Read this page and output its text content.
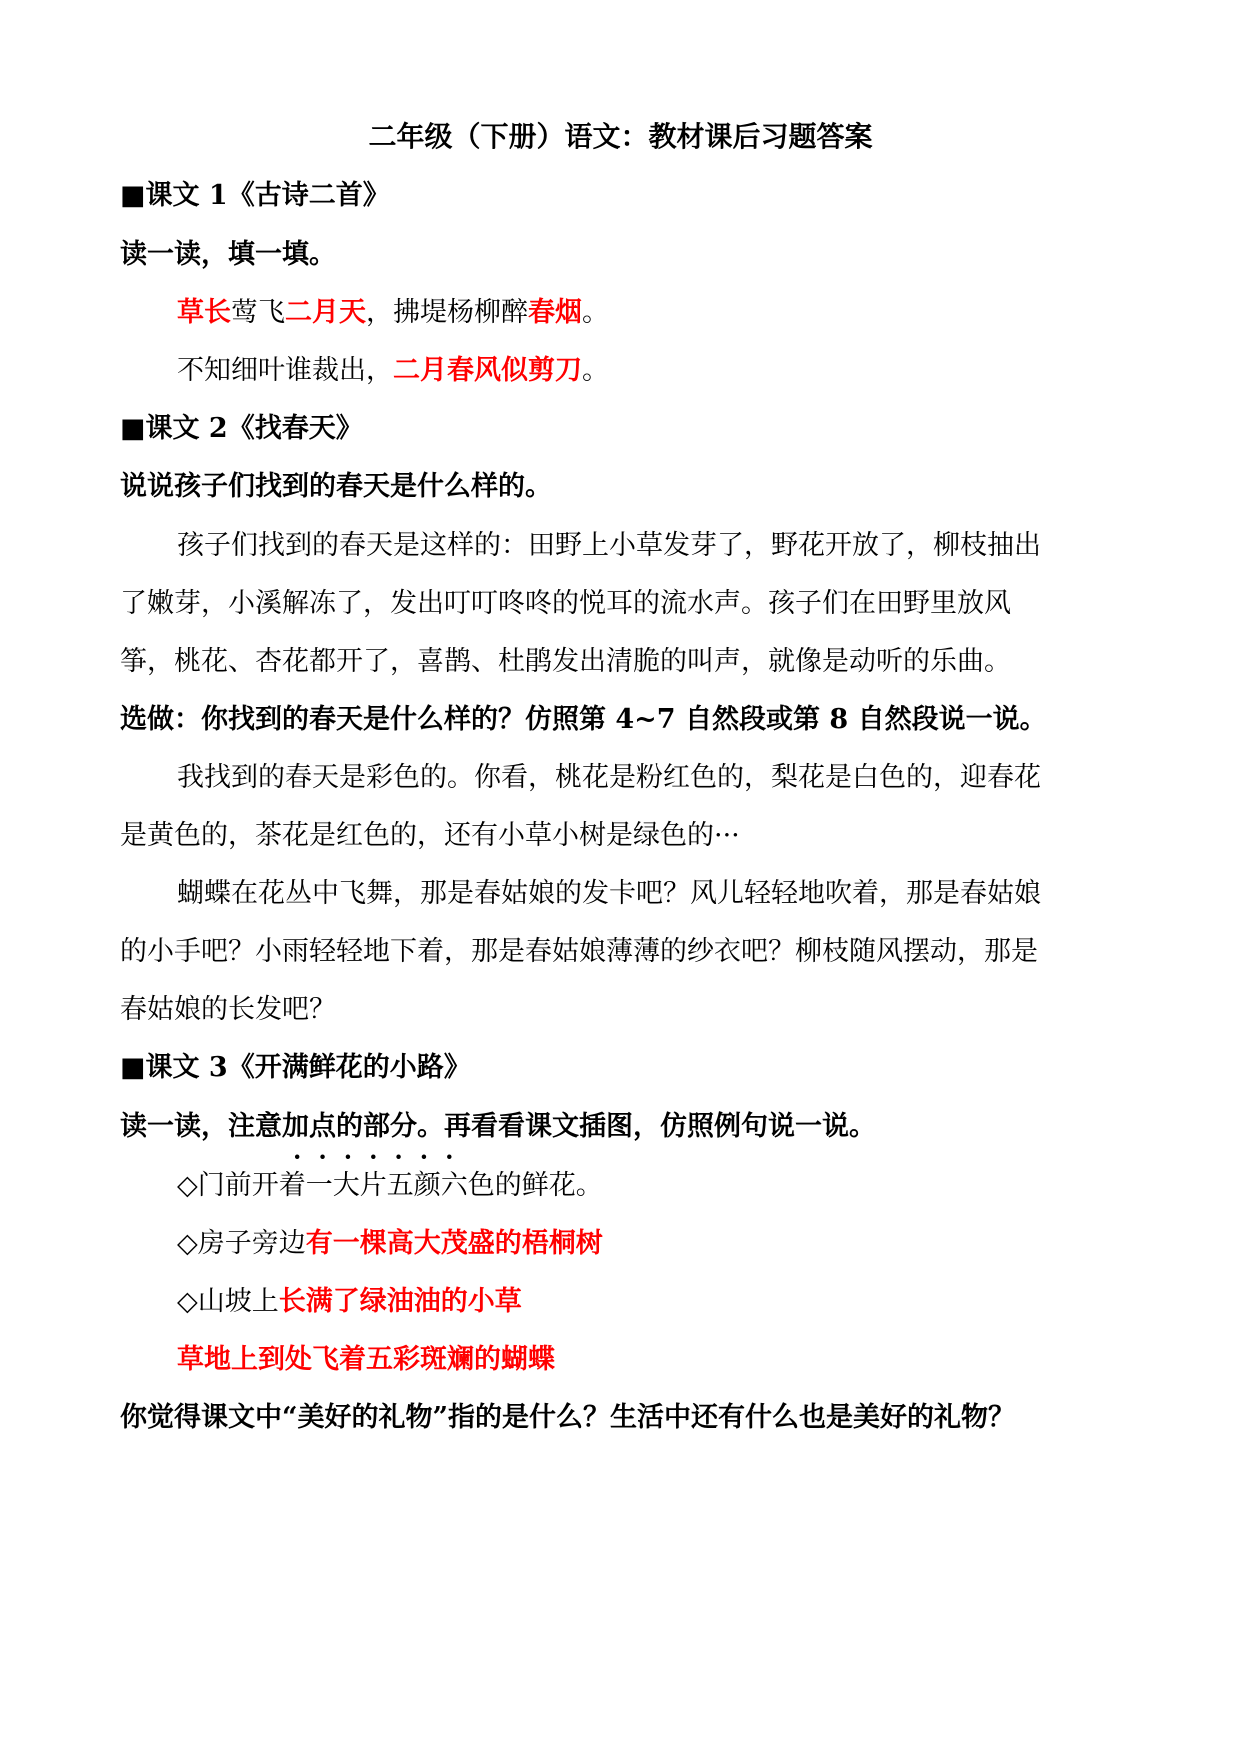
二年级（下册）语文：教材课后习题答案
■课文 1《古诗二首》
读一读，填一填。
草长莺飞二月天，拂堤杨柳醉春烟。
不知细叶谁裁出，二月春风似剪刀。
■课文 2《找春天》
说说孩子们找到的春天是什么样的。
孩子们找到的春天是这样的：田野上小草发芽了，野花开放了，柳枝抽出
了嫩芽，小溪解冻了，发出叮叮咚咚的悦耳的流水声。孩子们在田野里放风
筝，桃花、杏花都开了，喜鹊、杜鹃发出清脆的叫声，就像是动听的乐曲。
选做：你找到的春天是什么样的？仿照第 4~7 自然段或第 8 自然段说一说。
我找到的春天是彩色的。你看，桃花是粉红色的，梨花是白色的，迎春花
是黄色的，茶花是红色的，还有小草小树是绿色的···
蝴蝶在花丛中飞舞，那是春姑娘的发卡吧？风儿轻轻地吹着，那是春姑娘
的小手吧？小雨轻轻地下着，那是春姑娘薄薄的纱衣吧？柳枝随风摆动，那是
春姑娘的长发吧？
■课文 3《开满鲜花的小路》
读一读，注意加点的部分。再看看课文插图，仿照例句说一说。
·······
◇门前开着一大片五颜六色的鲜花。
◇房子旁边有一棵高大茂盛的梧桐树
◇山坡上长满了绿油油的小草
草地上到处飞着五彩斑斓的蝴蝶
你觉得课文中“美好的礼物”指的是什么？生活中还有什么也是美好的礼物？
